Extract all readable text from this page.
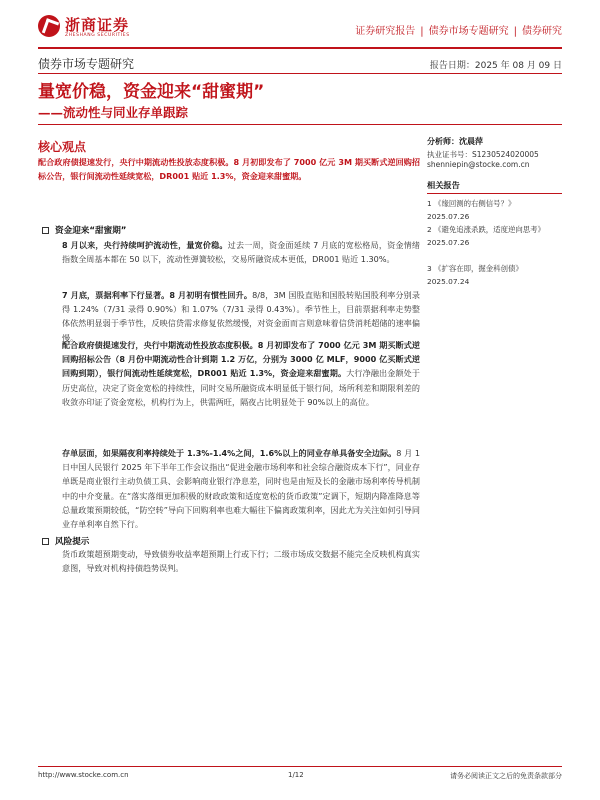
浙商证券
ZHESHANG SECURITIES	证券研究报告 | 债券市场专题研究 | 债券研究
债券市场专题研究	报告日期：2025 年 08 月 09 日
量宽价稳，资金迎来“甜蜜期”
——流动性与同业存单跟踪
核心观点
配合政府债提速发行，央行中期流动性投放态度积极。8 月初即发布了 7000 亿元 3M 期买断式逆回购招标公告，银行间流动性延续宽松，DR001 贴近 1.3%，资金迎来甜蜜期。
资金迎来“甜蜜期”
8 月以来，央行持续呵护流动性，量宽价稳。过去一周，资金面延续 7 月底的宽松格局，资金情绪指数全周基本都在 50 以下，流动性弹簧较松，交易所融资成本更低，DR001 贴近 1.30%。
7 月底，票据利率下行显著。8 月初明有惯性回升。8/8，3M 国股直贴和国股转贴国股利率分别录得 1.24%（7/31 录得 0.90%）和 1.07%（7/31 录得 0.43%）。季节性上，目前票据利率走势整体依然明显弱于季节性，反映信贷需求修复依然缓慢，对资金面而言则意味着信贷消耗超储的速率偏慢。
配合政府债提速发行，央行中期流动性投放态度积极。8 月初即发布了 7000 亿元 3M 期买断式逆回购招标公告（8 月份中期流动性合计到期 1.2 万亿，分别为 3000 亿 MLF，9000 亿买断式逆回购到期），银行间流动性延续宽松，DR001 贴近 1.3%，资金迎来甜蜜期。大行净融出金额处于历史高位，决定了资金宽松的持续性，同时交易所融资成本明显低于银行间，场所利差和期限利差的收敛亦印证了资金宽松，机构行为上，供需两旺，隔夜占比明显处于 90%以上的高位。
存单层面，如果隔夜利率持续处于 1.3%-1.4%之间，1.6%以上的同业存单具备安全边际。8 月 1 日中国人民银行 2025 年下半年工作会议指出“促进金融市场利率和社会综合融资成本下行”，同业存单既是商业银行主动负债工具、会影响商业银行净息差，同时也是由短及长的金融市场利率传导机制中的中介变量。在“落实落细更加积极的财政政策和适度宽松的货币政策”定调下，短期内降准降息等总量政策预期较低，“防空转”导向下回购利率也难大幅往下偏离政策利率，因此尤为关注如何引导同业存单利率自然下行。
风险提示
货币政策超预期变动，导致债券收益率超预期上行或下行；二级市场成交数据不能完全反映机构真实意图，导致对机构持债趋势误判。
分析师：沈晨萍
执业证书号：S1230524020005
shenniepin@stocke.com.cn
相关报告
1 《缘回测的右侧信号？》
2025.07.26
2 《避免追涨杀跌，适度逆向思考》
2025.07.26
3 《扩容在即，掘金科创债》
2025.07.24
http://www.stocke.com.cn	1/12	请务必阅读正文之后的免责条款部分
